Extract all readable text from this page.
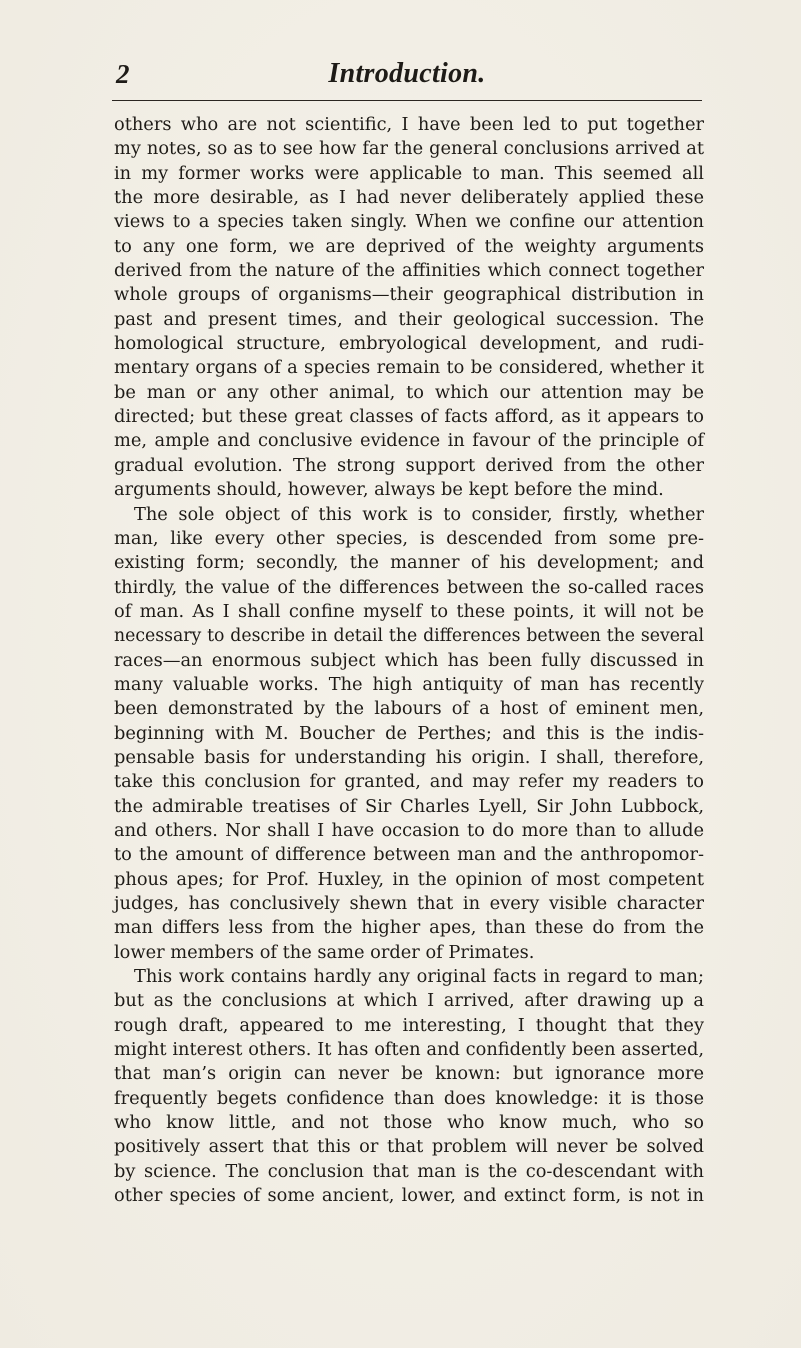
2	Introduction.
others who are not scientific, I have been led to put together
my notes, so as to see how far the general conclusions arrived at
in my former works were applicable to man. This seemed all
the more desirable, as I had never deliberately applied these
views to a species taken singly. When we confine our attention
to any one form, we are deprived of the weighty arguments
derived from the nature of the affinities which connect together
whole groups of organisms—their geographical distribution in
past and present times, and their geological succession. The
homological structure, embryological development, and rudi-
mentary organs of a species remain to be considered, whether it
be man or any other animal, to which our attention may be
directed; but these great classes of facts afford, as it appears to
me, ample and conclusive evidence in favour of the principle of
gradual evolution. The strong support derived from the other
arguments should, however, always be kept before the mind.
The sole object of this work is to consider, firstly, whether
man, like every other species, is descended from some pre-
existing form; secondly, the manner of his development; and
thirdly, the value of the differences between the so-called races
of man. As I shall confine myself to these points, it will not be
necessary to describe in detail the differences between the several
races—an enormous subject which has been fully discussed in
many valuable works. The high antiquity of man has recently
been demonstrated by the labours of a host of eminent men,
beginning with M. Boucher de Perthes; and this is the indis-
pensable basis for understanding his origin. I shall, therefore,
take this conclusion for granted, and may refer my readers to
the admirable treatises of Sir Charles Lyell, Sir John Lubbock,
and others. Nor shall I have occasion to do more than to allude
to the amount of difference between man and the anthropomor-
phous apes; for Prof. Huxley, in the opinion of most competent
judges, has conclusively shewn that in every visible character
man differs less from the higher apes, than these do from the
lower members of the same order of Primates.
This work contains hardly any original facts in regard to man;
but as the conclusions at which I arrived, after drawing up a
rough draft, appeared to me interesting, I thought that they
might interest others. It has often and confidently been asserted,
that man’s origin can never be known: but ignorance more
frequently begets confidence than does knowledge: it is those
who know little, and not those who know much, who so
positively assert that this or that problem will never be solved
by science. The conclusion that man is the co-descendant with
other species of some ancient, lower, and extinct form, is not in
